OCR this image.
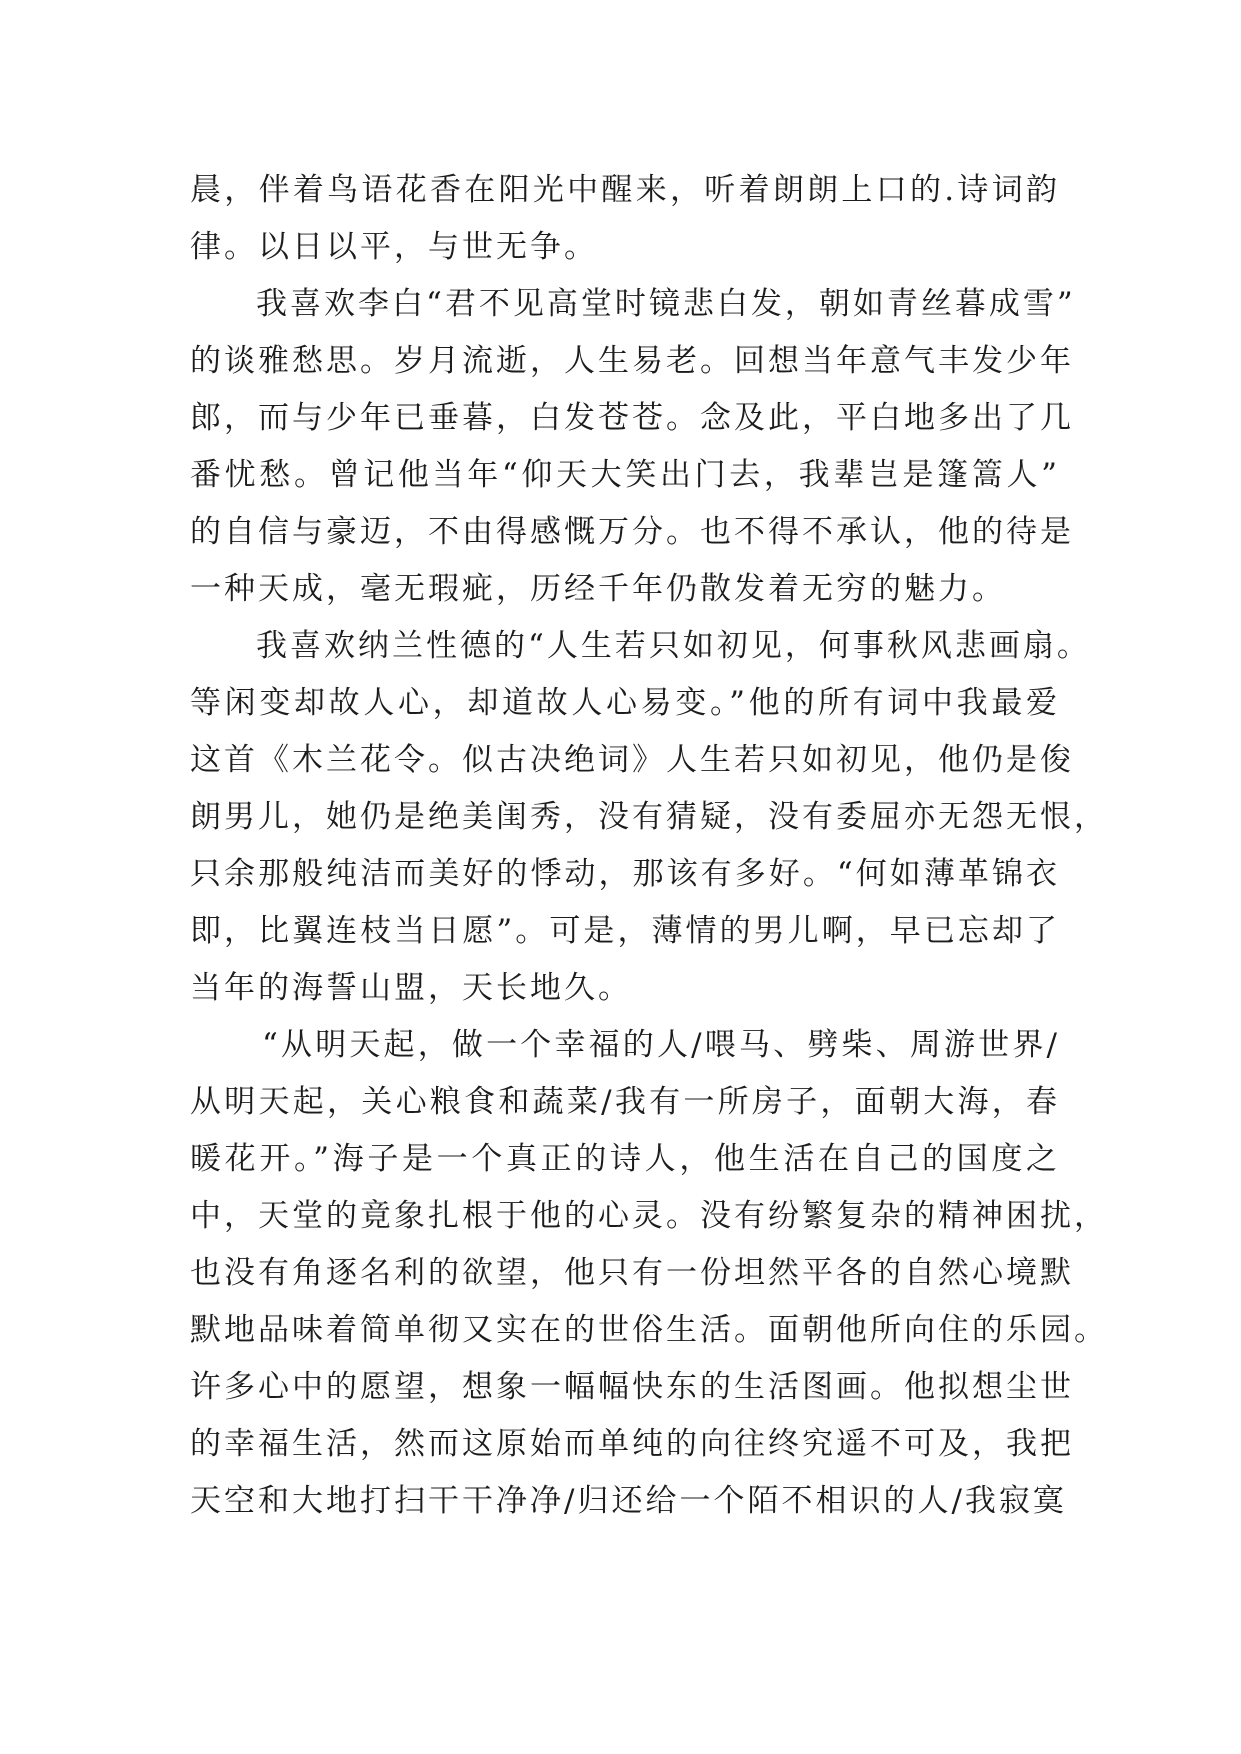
晨，伴着鸟语花香在阳光中醒来，听着朗朗上口的.诗词韵
律。以日以平，与世无争。
我喜欢李白“君不见高堂时镜悲白发，朝如青丝暮成雪”
的谈雅愁思。岁月流逝，人生易老。回想当年意气丰发少年
郎，而与少年已垂暮，白发苍苍。念及此，平白地多出了几
番忧愁。曾记他当年“仰天大笑出门去，我辈岂是篷篙人”
的自信与豪迈，不由得感慨万分。也不得不承认，他的待是
一种天成，毫无瑕疵，历经千年仍散发着无穷的魅力。
我喜欢纳兰性德的“人生若只如初见，何事秋风悲画扇。
等闲变却故人心，却道故人心易变。”他的所有词中我最爱
这首《木兰花令。似古决绝词》人生若只如初见，他仍是俊
朗男儿，她仍是绝美闺秀，没有猜疑，没有委屈亦无怨无恨，
只余那般纯洁而美好的悸动，那该有多好。“何如薄革锦衣
即，比翼连枝当日愿”。可是，薄情的男儿啊，早已忘却了
当年的海誓山盟，天长地久。
“从明天起，做一个幸福的人/喂马、劈柴、周游世界/
从明天起，关心粮食和蔬菜/我有一所房子，面朝大海，春
暖花开。”海子是一个真正的诗人，他生活在自己的国度之
中，天堂的竟象扎根于他的心灵。没有纷繁复杂的精神困扰，
也没有角逐名利的欲望，他只有一份坦然平各的自然心境默
默地品味着简单彻又实在的世俗生活。面朝他所向住的乐园。
许多心中的愿望，想象一幅幅快东的生活图画。他拟想尘世
的幸福生活，然而这原始而单纯的向往终究遥不可及，我把
天空和大地打扫干干净净/归还给一个陌不相识的人/我寂寞
